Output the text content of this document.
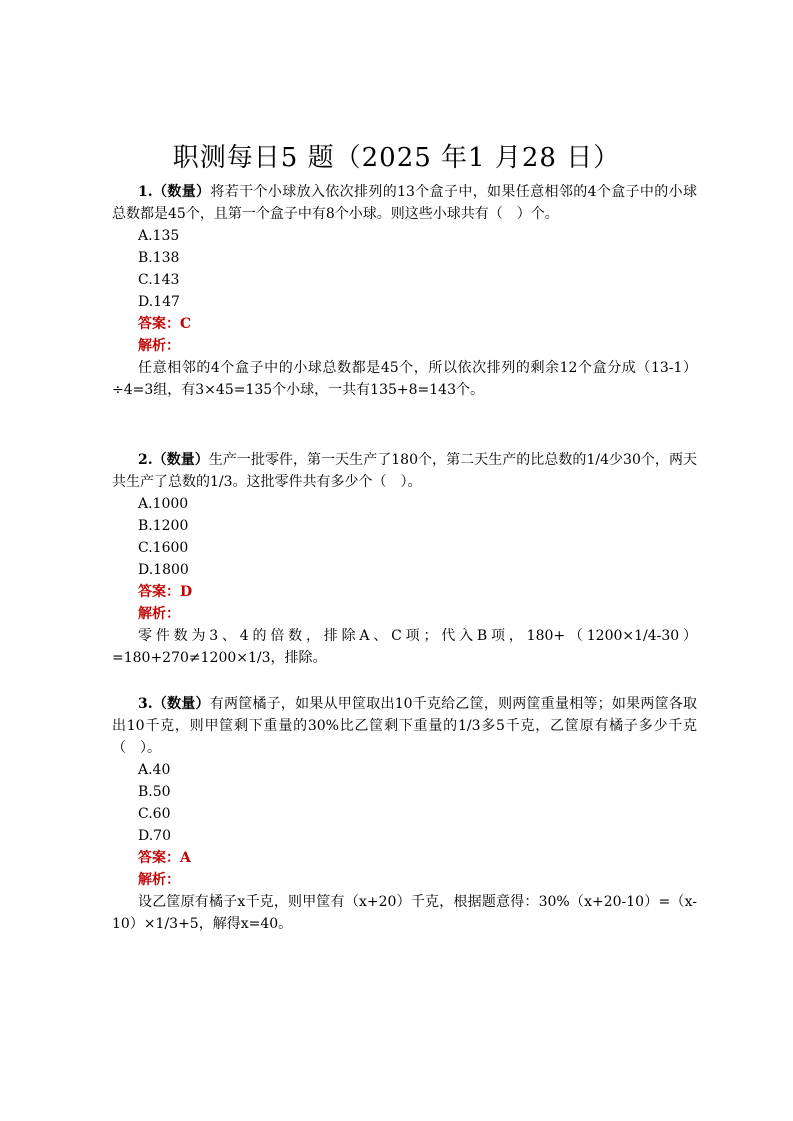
职测每日5 题（2025 年1 月28 日）

1.（数量）将若干个小球放入依次排列的13个盒子中，如果任意相邻的4个盒子中的小球总数都是45个，且第一个盒子中有8个小球。则这些小球共有（　）个。

A.135
B.138
C.143
D.147
答案：C
解析：

任意相邻的4个盒子中的小球总数都是45个，所以依次排列的剩余12个盒分成（13-1）÷4=3组，有3×45=135个小球，一共有135+8=143个。

2.（数量）生产一批零件，第一天生产了180个，第二天生产的比总数的1/4少30个，两天共生产了总数的1/3。这批零件共有多少个（　）。

A.1000
B.1200
C.1600
D.1800
答案：D
解析：

零件数为3、4的倍数，排除A、C项；代入B项，180+（1200×1/4-30）=180+270≠1200×1/3，排除。

3.（数量）有两筐橘子，如果从甲筐取出10千克给乙筐，则两筐重量相等；如果两筐各取出10千克，则甲筐剩下重量的30%比乙筐剩下重量的1/3多5千克，乙筐原有橘子多少千克（　）。

A.40
B.50
C.60
D.70
答案：A
解析：

设乙筐原有橘子x千克，则甲筐有（x+20）千克，根据题意得：30%（x+20-10）=（x-10）×1/3+5，解得x=40。
